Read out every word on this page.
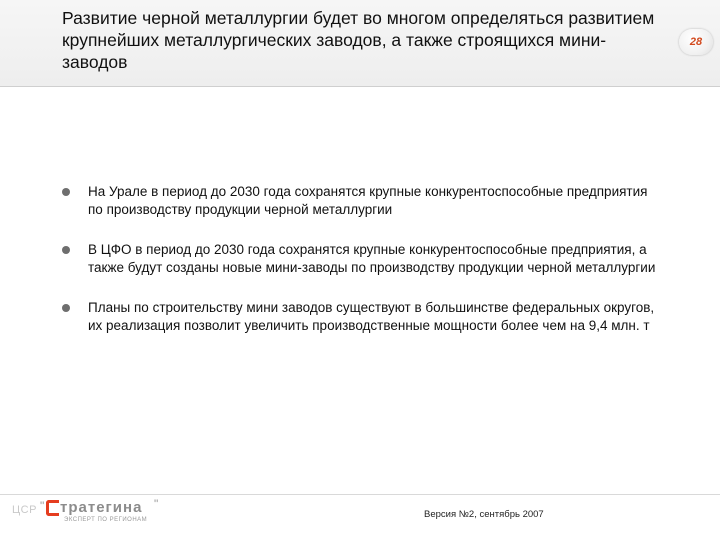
Развитие черной металлургии будет во многом определяться развитием крупнейших металлургических заводов, а также строящихся мини-заводов
28
На Урале в период до 2030 года сохранятся крупные конкурентоспособные предприятия по производству продукции черной металлургии
В ЦФО в период до 2030 года сохранятся крупные конкурентоспособные предприятия, а также будут созданы новые мини-заводы по производству продукции черной металлургии
Планы по строительству мини заводов существуют в большинстве федеральных округов, их реализация позволит увеличить производственные мощности более чем на 9,4 млн. т
ЦСР " тратегина "
ЭКСПЕРТ ПО РЕГИОНАМ	Версия №2, сентябрь 2007
